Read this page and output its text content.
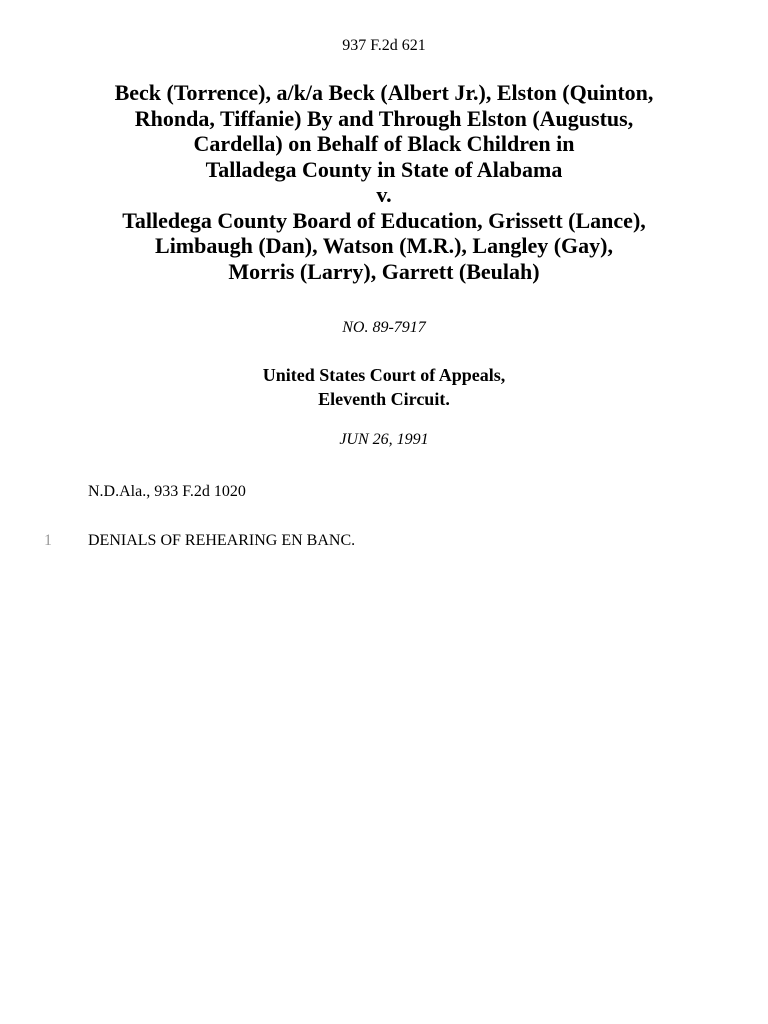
937 F.2d 621
Beck (Torrence), a/k/a Beck (Albert Jr.), Elston (Quinton,
Rhonda, Tiffanie) By and Through Elston (Augustus,
Cardella) on Behalf of Black Children in
Talladega County in State of Alabama
v.
Talledega County Board of Education, Grissett (Lance),
Limbaugh (Dan), Watson (M.R.), Langley (Gay),
Morris (Larry), Garrett (Beulah)
NO. 89-7917
United States Court of Appeals,
Eleventh Circuit.
JUN 26, 1991
N.D.Ala., 933 F.2d 1020
1 DENIALS OF REHEARING EN BANC.
